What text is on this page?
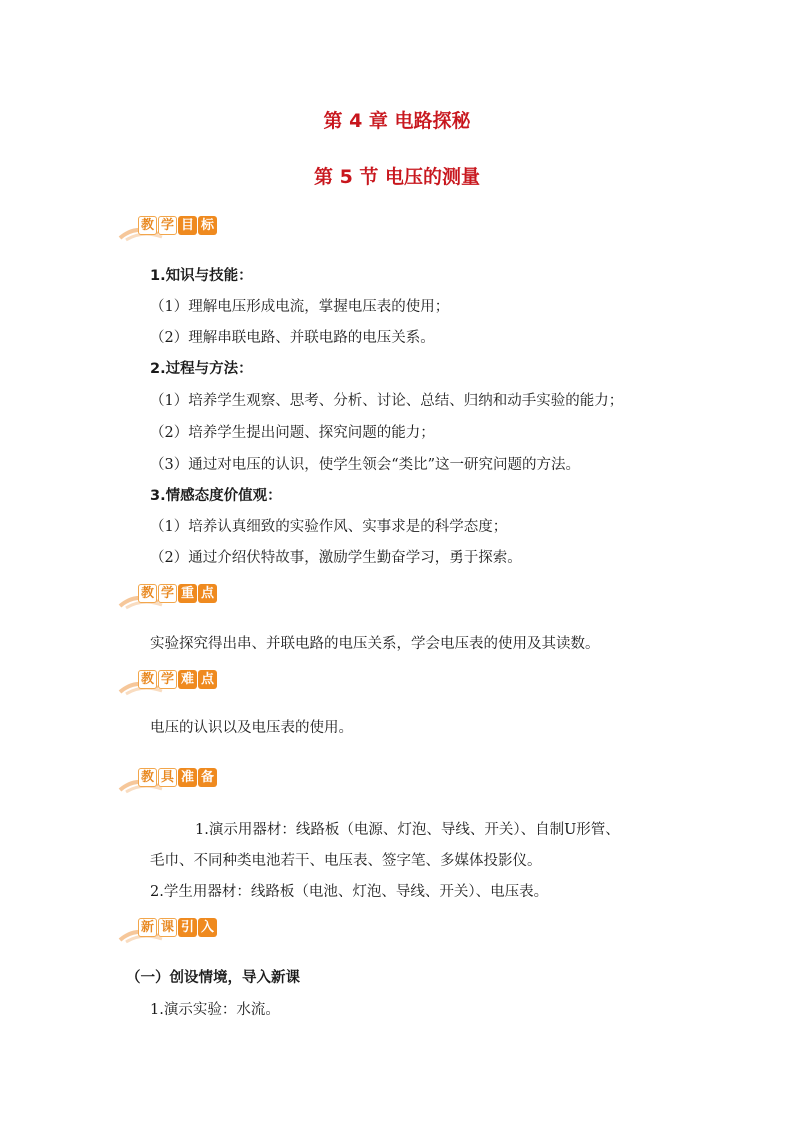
第 4 章 电路探秘
第 5 节 电压的测量
教 学 目 标
1.知识与技能：
（1）理解电压形成电流，掌握电压表的使用；
（2）理解串联电路、并联电路的电压关系。
2.过程与方法：
（1）培养学生观察、思考、分析、讨论、总结、归纳和动手实验的能力；
（2）培养学生提出问题、探究问题的能力；
（3）通过对电压的认识，使学生领会“类比”这一研究问题的方法。
3.情感态度价值观：
（1）培养认真细致的实验作风、实事求是的科学态度；
（2）通过介绍伏特故事，激励学生勤奋学习，勇于探索。
教 学 重 点
实验探究得出串、并联电路的电压关系，学会电压表的使用及其读数。
教 学 难 点
电压的认识以及电压表的使用。
教 具 准 备
1.演示用器材：线路板（电源、灯泡、导线、开关）、自制U形管、
毛巾、不同种类电池若干、电压表、签字笔、多媒体投影仪。
2.学生用器材：线路板（电池、灯泡、导线、开关）、电压表。
新 课 引 入
（一）创设情境，导入新课
1.演示实验：水流。
